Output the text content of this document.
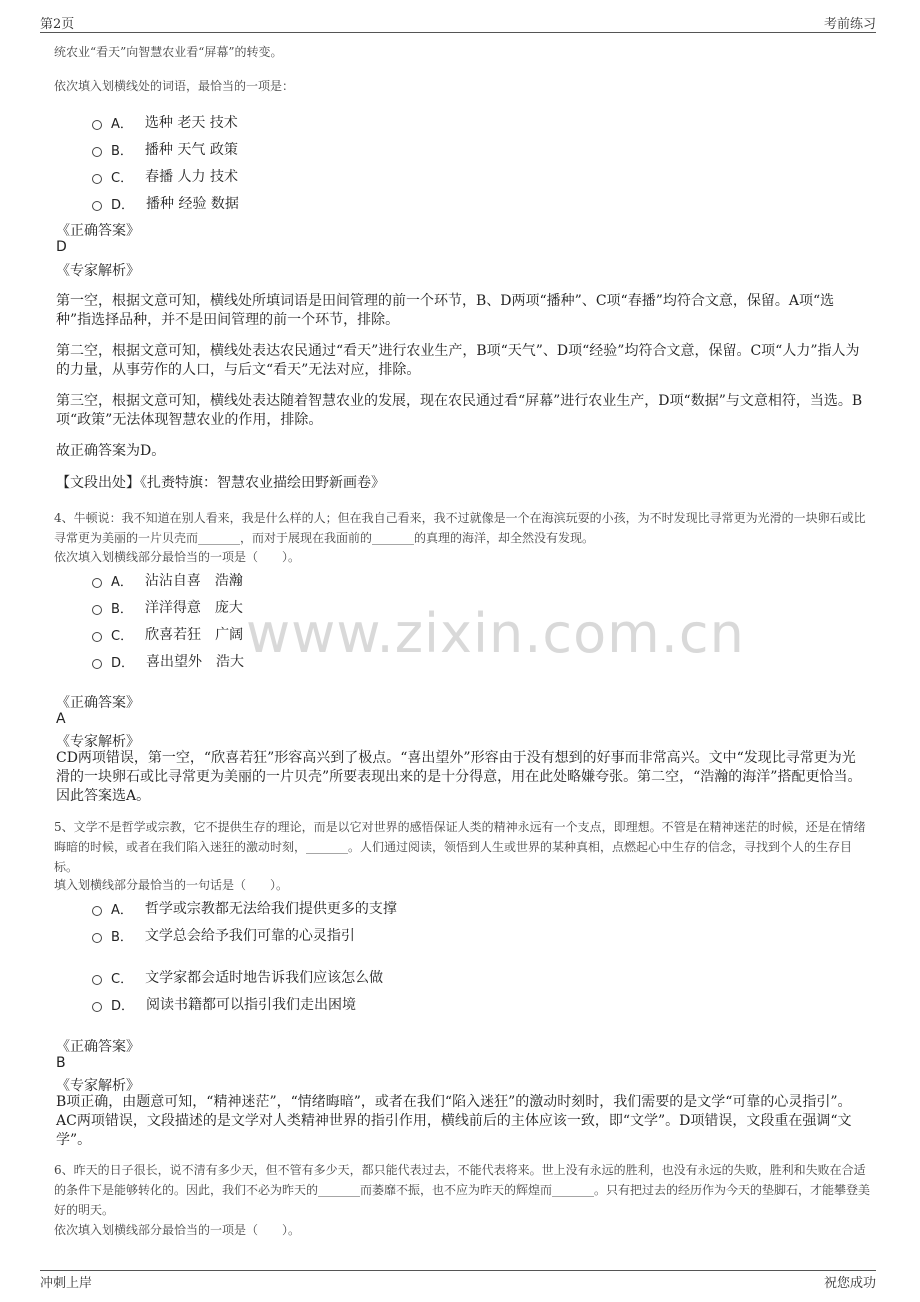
第2页	考前练习
统农业“看天”向智慧农业看“屏幕”的转变。
依次填入划横线处的词语，最恰当的一项是：
A． 选种 老天 技术
B． 播种 天气 政策
C． 春播 人力 技术
D． 播种 经验 数据
《正确答案》
D
《专家解析》
第一空，根据文意可知，横线处所填词语是田间管理的前一个环节，B、D两项“播种”、C项“春播”均符合文意，保留。A项“选种”指选择品种，并不是田间管理的前一个环节，排除。
第二空，根据文意可知，横线处表达农民通过“看天”进行农业生产，B项“天气”、D项“经验”均符合文意，保留。C项“人力”指人为的力量，从事劳作的人口，与后文“看天”无法对应，排除。
第三空，根据文意可知，横线处表达随着智慧农业的发展，现在农民通过看“屏幕”进行农业生产，D项“数据”与文意相符，当选。B项“政策”无法体现智慧农业的作用，排除。
故正确答案为D。
【文段出处】《扎赉特旗：智慧农业描绘田野新画卷》
4、牛顿说：我不知道在别人看来，我是什么样的人；但在我自己看来，我不过就像是一个在海滨玩耍的小孩，为不时发现比寻常更为光滑的一块卵石或比寻常更为美丽的一片贝壳而_______，而对于展现在我面前的_______的真理的海洋，却全然没有发现。
依次填入划横线部分最恰当的一项是（　　）。
A． 沾沾自喜　浩瀚
B． 洋洋得意　庞大
C． 欣喜若狂　广阔
D． 喜出望外　浩大 www.zixin.com.cn
《正确答案》
A
《专家解析》
CD两项错误，第一空，“欣喜若狂”形容高兴到了极点。“喜出望外”形容由于没有想到的好事而非常高兴。文中“发现比寻常更为光滑的一块卵石或比寻常更为美丽的一片贝壳”所要表现出来的是十分得意，用在此处略嫌夸张。第二空，“浩瀚的海洋”搭配更恰当。因此答案选A。
5、文学不是哲学或宗教，它不提供生存的理论，而是以它对世界的感悟保证人类的精神永远有一个支点，即理想。不管是在精神迷茫的时候，还是在情绪晦暗的时候，或者在我们陷入迷狂的激动时刻，_______。人们通过阅读，领悟到人生或世界的某种真相，点燃起心中生存的信念，寻找到个人的生存目标。
填入划横线部分最恰当的一句话是（　　）。
A． 哲学或宗教都无法给我们提供更多的支撑
B． 文学总会给予我们可靠的心灵指引
C． 文学家都会适时地告诉我们应该怎么做
D． 阅读书籍都可以指引我们走出困境
《正确答案》
B
《专家解析》
B项正确，由题意可知，“精神迷茫”，“情绪晦暗”，或者在我们“陷入迷狂”的激动时刻时，我们需要的是文学“可靠的心灵指引”。AC两项错误，文段描述的是文学对人类精神世界的指引作用，横线前后的主体应该一致，即“文学”。D项错误，文段重在强调“文学”。
6、昨天的日子很长，说不清有多少天，但不管有多少天，都只能代表过去，不能代表将来。世上没有永远的胜利，也没有永远的失败，胜利和失败在合适的条件下是能够转化的。因此，我们不必为昨天的_______而萎靡不振，也不应为昨天的辉煌而_______。只有把过去的经历作为今天的垫脚石，才能攀登美好的明天。
依次填入划横线部分最恰当的一项是（　　）。
冲刺上岸	祝您成功
